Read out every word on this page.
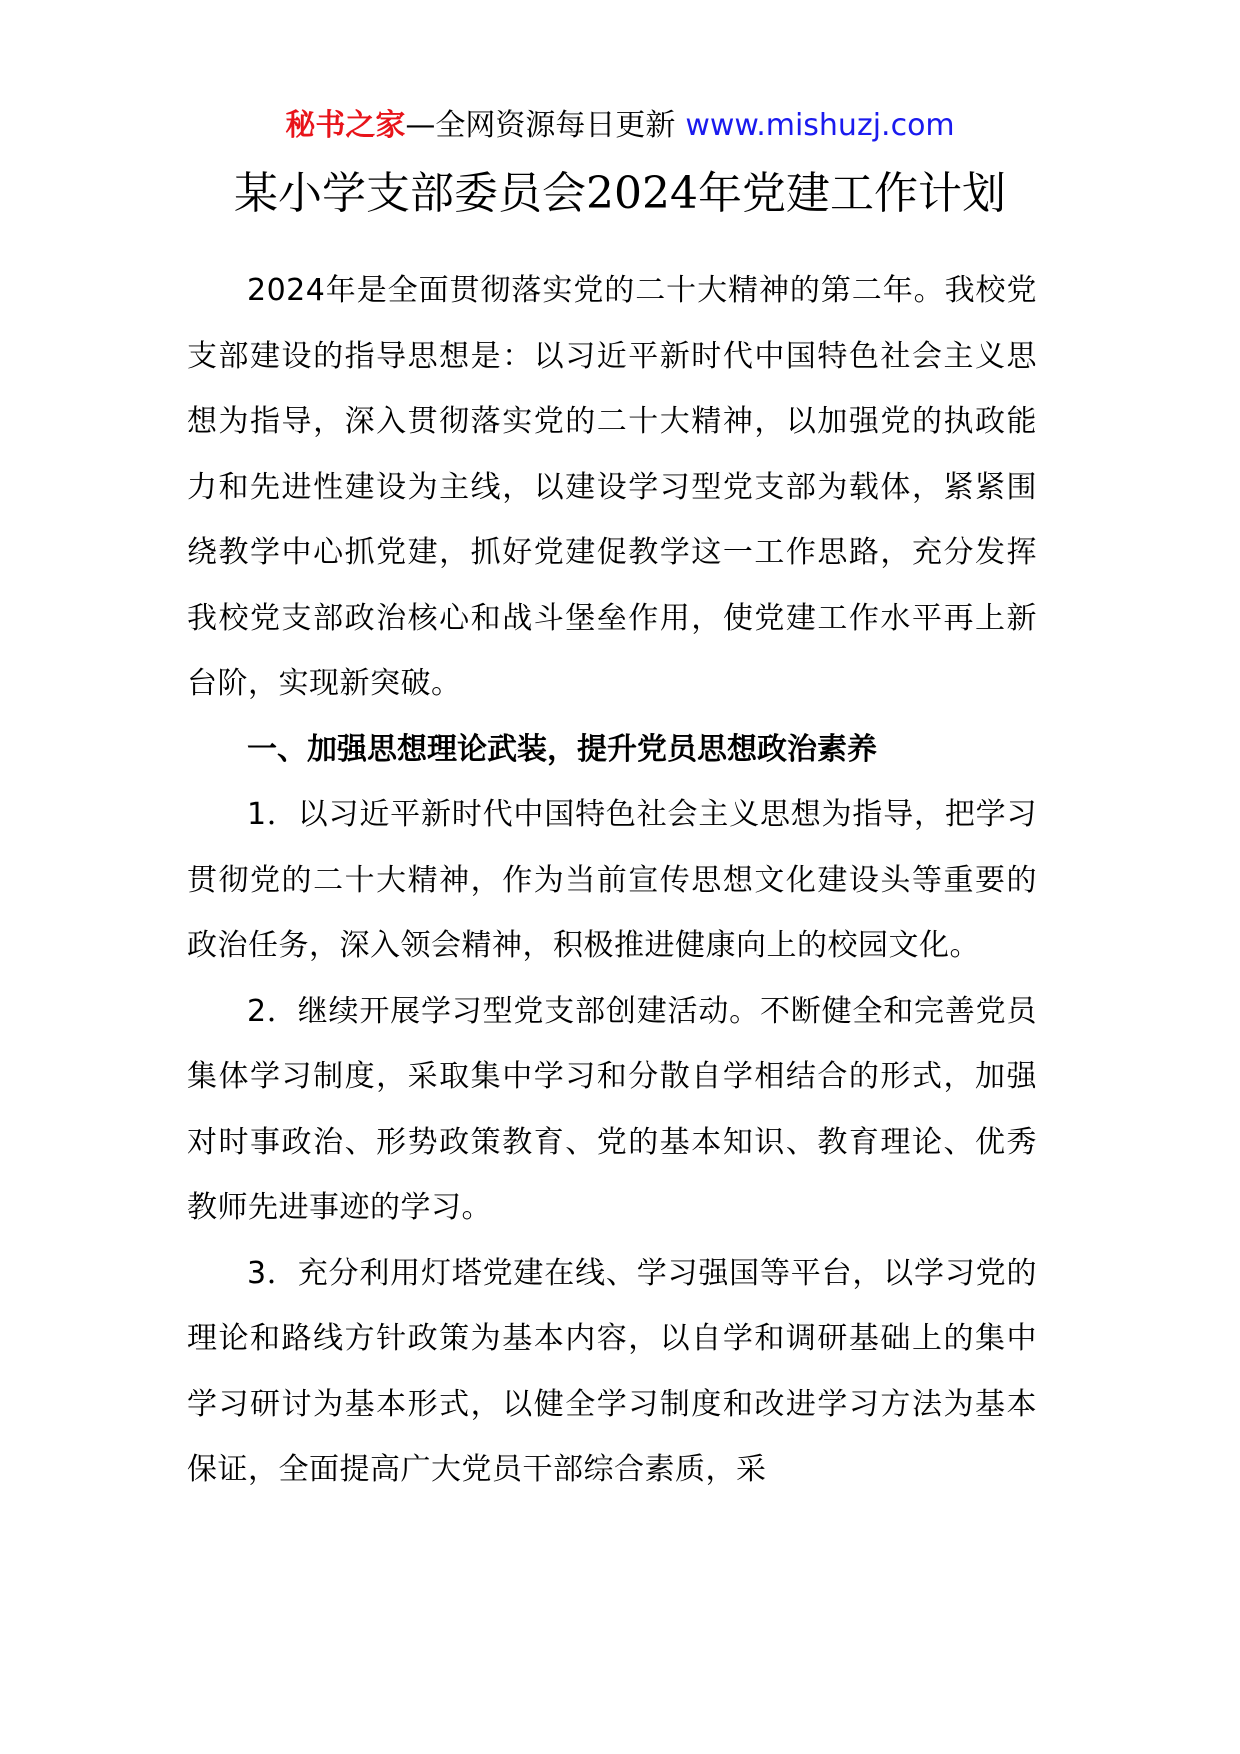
秘书之家—全网资源每日更新 www.mishuzj.com
某小学支部委员会2024年党建工作计划

2024年是全面贯彻落实党的二十大精神的第二年。我校党支部建设的指导思想是：以习近平新时代中国特色社会主义思想为指导，深入贯彻落实党的二十大精神，以加强党的执政能力和先进性建设为主线，以建设学习型党支部为载体，紧紧围绕教学中心抓党建，抓好党建促教学这一工作思路，充分发挥我校党支部政治核心和战斗堡垒作用，使党建工作水平再上新台阶，实现新突破。

一、加强思想理论武装，提升党员思想政治素养

1．以习近平新时代中国特色社会主义思想为指导，把学习贯彻党的二十大精神，作为当前宣传思想文化建设头等重要的政治任务，深入领会精神，积极推进健康向上的校园文化。

2．继续开展学习型党支部创建活动。不断健全和完善党员集体学习制度，采取集中学习和分散自学相结合的形式，加强对时事政治、形势政策教育、党的基本知识、教育理论、优秀教师先进事迹的学习。

3．充分利用灯塔党建在线、学习强国等平台，以学习党的理论和路线方针政策为基本内容，以自学和调研基础上的集中学习研讨为基本形式，以健全学习制度和改进学习方法为基本保证，全面提高广大党员干部综合素质，采
